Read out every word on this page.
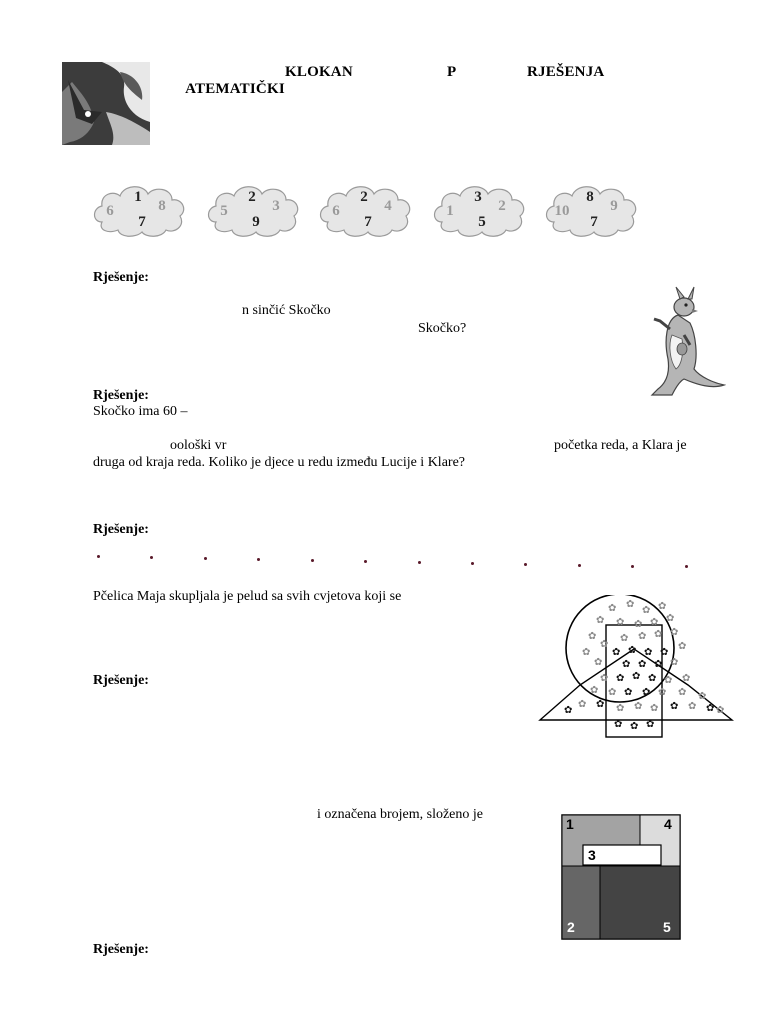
ATEMATIČKI

KLOKAN	P	RJEŠENJA
6
1
8
7
5
2
3
9
6
2
4
7
1
3
2
5
10
8
9
7
Rješenje:
n sinčić Skočko
Skočko?
Rješenje:
Skočko ima 60 –
oološki vr	početka reda, a Klara je
druga od kraja reda. Koliko je djece u redu između Lucije i Klare?
Rješenje:
Pčelica Maja skupljala je pelud sa svih cvjetova koji se
✿ ✿
✿ ✿
✿ ✿ ✿ ✿ ✿
✿
✿
✿ ✿ ✿ ✿
✿
✿ ✿ ✿ ✿ ✿
✿ ✿ ✿ ✿ ✿
✿ ✿ ✿ ✿ ✿ ✿
✿ ✿ ✿ ✿ ✿ ✿ ✿
✿
✿ ✿ ✿ ✿ ✿ ✿ ✿ ✿ ✿
✿ ✿ ✿
Rješenje:
i označena brojem, složeno je
1	4
3
2	5
Rješenje:
